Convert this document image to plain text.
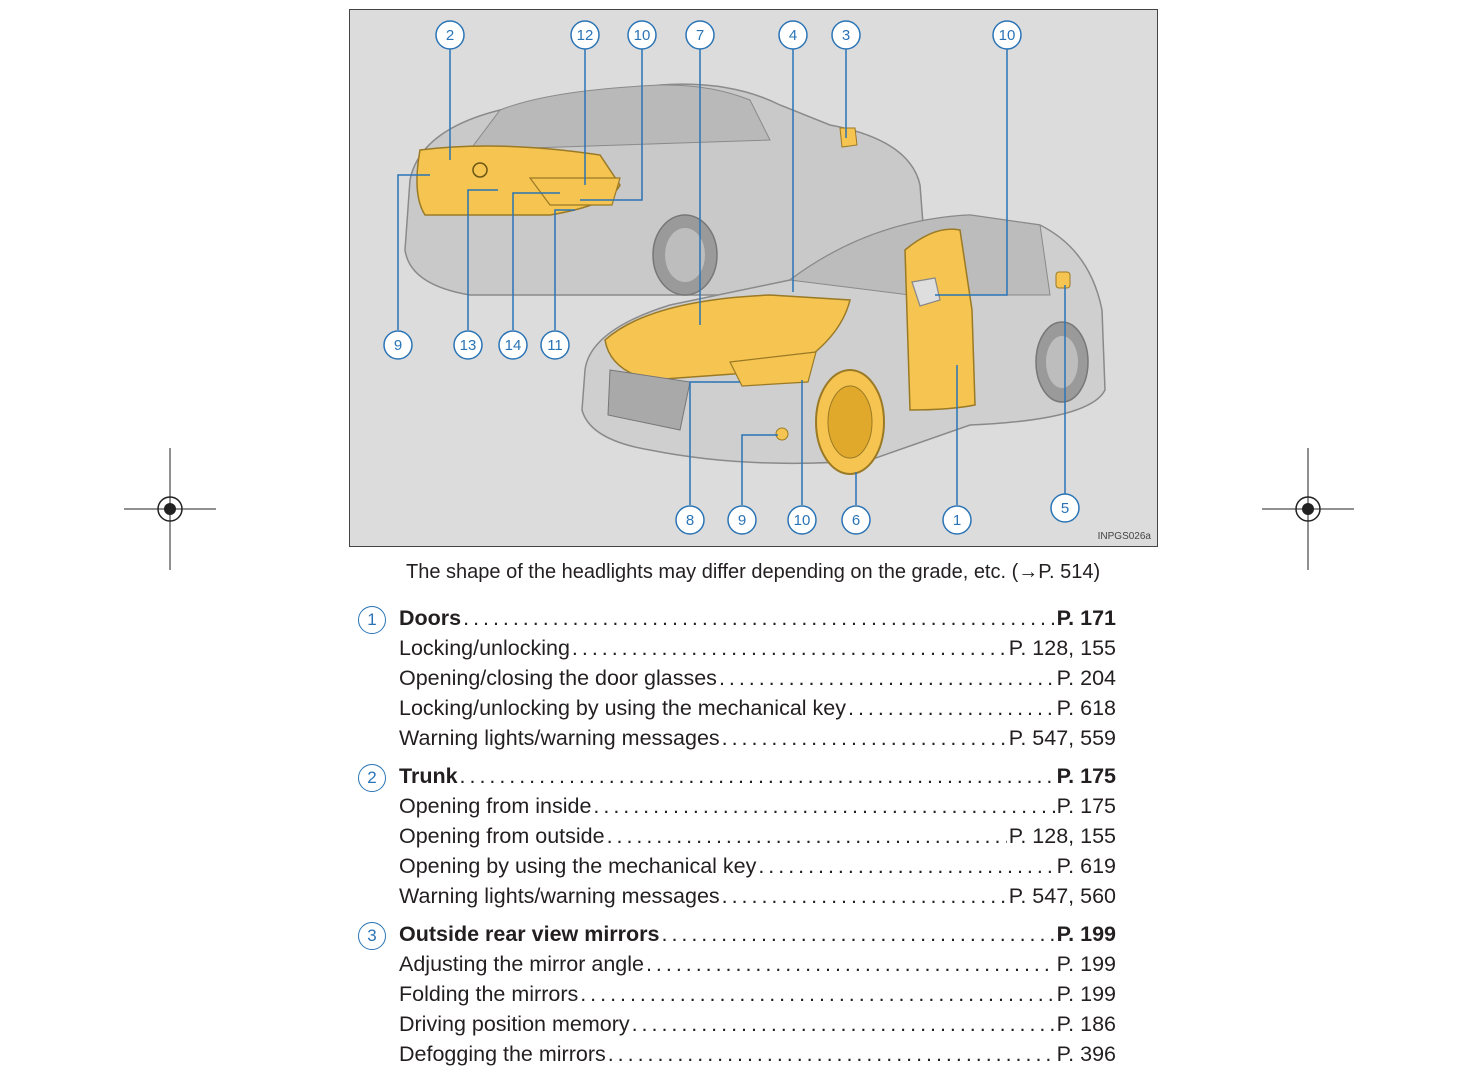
2	12	10	7	4	3	10
9	13 14 11
8	9	10	6	1
5
INPGS026a
The shape of the headlights may differ depending on the grade, etc. (→P. 514)
1	Doors . . .	P. 171
Locking/unlocking . . .	P. 128, 155
Opening/closing the door glasses . . .	P. 204
Locking/unlocking by using the mechanical key . . .	P. 618
Warning lights/warning messages . . .	P. 547, 559
2	Trunk . . .	P. 175
Opening from inside . . .	P. 175
Opening from outside . . .	P. 128, 155
Opening by using the mechanical key . . .	P. 619
Warning lights/warning messages . . .	P. 547, 560
3	Outside rear view mirrors . . .	P. 199
Adjusting the mirror angle . . .	P. 199
Folding the mirrors . . .	P. 199
Driving position memory . . .	P. 186
Defogging the mirrors . . .	P. 396
